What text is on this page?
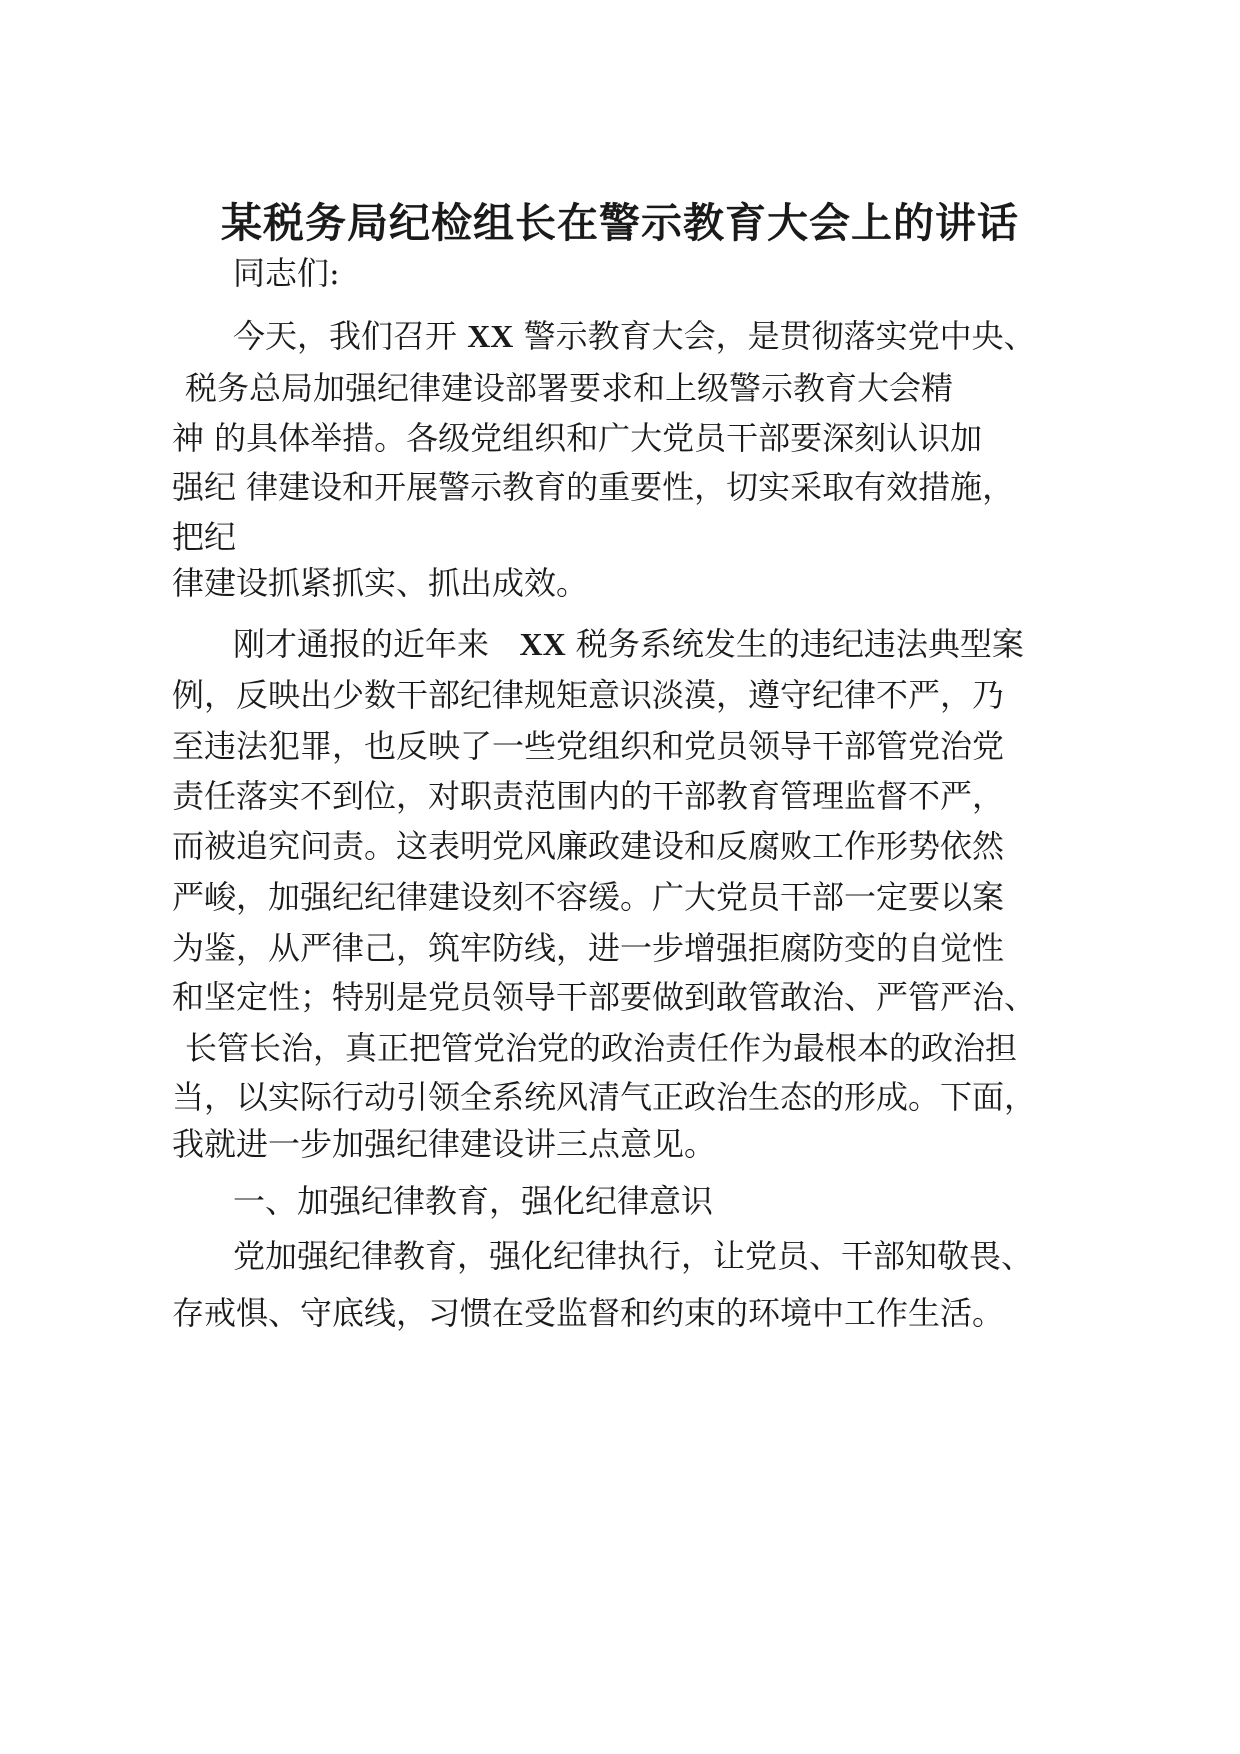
某税务局纪检组长在警示教育大会上的讲话

同志们:

今天，我们召开 XX 警示教育大会，是贯彻落实党中央、

税务总局加强纪律建设部署要求和上级警示教育大会精

神 的具体举措。各级党组织和广大党员干部要深刻认识加

强纪 律建设和开展警示教育的重要性，切实采取有效措施，

把纪

律建设抓紧抓实、抓出成效。

刚才通报的近年来 XX 税务系统发生的违纪违法典型案

例，反映出少数干部纪律规矩意识淡漠，遵守纪律不严，乃

至违法犯罪，也反映了一些党组织和党员领导干部管党治党

责任落实不到位，对职责范围内的干部教育管理监督不严，

而被追究问责。这表明党风廉政建设和反腐败工作形势依然

严峻，加强纪纪律建设刻不容缓。广大党员干部一定要以案

为鉴，从严律己，筑牢防线，进一步增强拒腐防变的自觉性

和坚定性；特别是党员领导干部要做到敢管敢治、严管严治、

长管长治，真正把管党治党的政治责任作为最根本的政治担

当，以实际行动引领全系统风清气正政治生态的形成。下面，

我就进一步加强纪律建设讲三点意见。

一、加强纪律教育，强化纪律意识

党加强纪律教育，强化纪律执行，让党员、干部知敬畏、

存戒惧、守底线，习惯在受监督和约束的环境中工作生活。
